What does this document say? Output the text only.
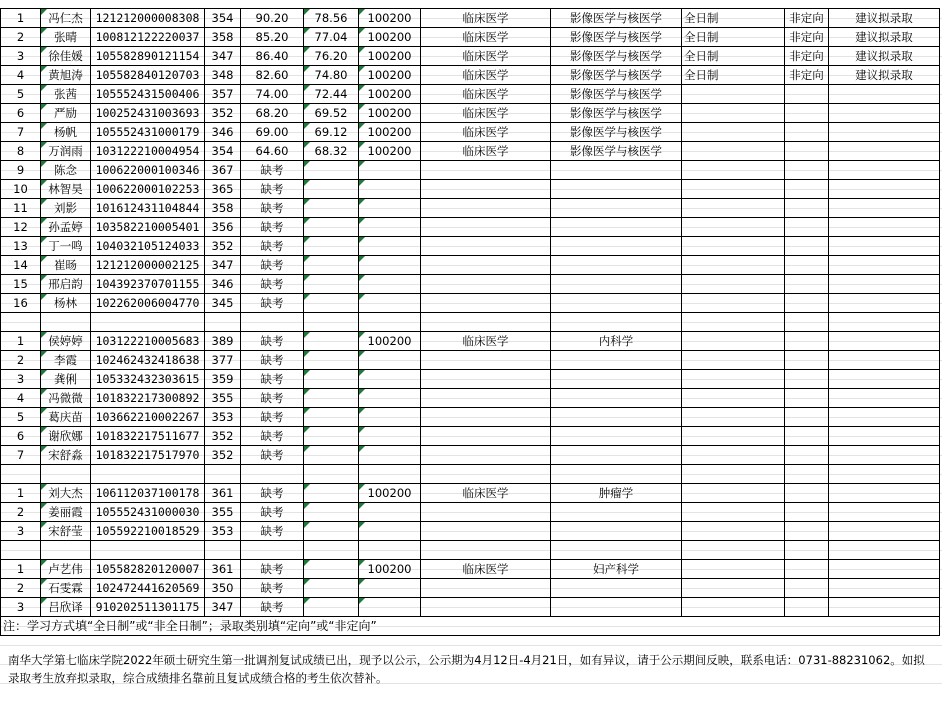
1	冯仁杰	121212000008308	354	90.20	78.56	100200	临床医学	影像医学与核医学	全日制	非定向	建议拟录取
2	张晴	100812122220037	358	85.20	77.04	100200	临床医学	影像医学与核医学	全日制	非定向	建议拟录取
3	徐佳媛	105582890121154	347	86.40	76.20	100200	临床医学	影像医学与核医学	全日制	非定向	建议拟录取
4	黄旭涛	105582840120703	348	82.60	74.80	100200	临床医学	影像医学与核医学	全日制	非定向	建议拟录取
5	张茜	105552431500406	357	74.00	72.44	100200	临床医学	影像医学与核医学			
6	严励	100252431003693	352	68.20	69.52	100200	临床医学	影像医学与核医学			
7	杨帆	105552431000179	346	69.00	69.12	100200	临床医学	影像医学与核医学			
8	万润雨	103122210004954	354	64.60	68.32	100200	临床医学	影像医学与核医学			
9	陈念	100622000100346	367	缺考							
10	林智昊	100622000102253	365	缺考							
11	刘影	101612431104844	358	缺考							
12	孙孟婷	103582210005401	356	缺考							
13	丁一鸣	104032105124033	352	缺考							
14	崔旸	121212000002125	347	缺考							
15	邢启韵	104392370701155	346	缺考							
16	杨林	102262006004770	345	缺考							

1	侯婷婷	103122210005683	389	缺考		100200	临床医学	内科学			
2	李霞	102462432418638	377	缺考							
3	龚俐	105332432303615	359	缺考							
4	冯微微	101832217300892	355	缺考							
5	葛庆苗	103662210002267	353	缺考							
6	谢欣娜	101832217511677	352	缺考							
7	宋舒淼	101832217517970	352	缺考							

1	刘大杰	106112037100178	361	缺考		100200	临床医学	肿瘤学			
2	姜丽霞	105552431000030	355	缺考							
3	宋舒莹	105592210018529	353	缺考							

1	卢艺伟	105582820120007	361	缺考		100200	临床医学	妇产科学			
2	石雯霖	102472441620569	350	缺考							
3	吕欣译	910202511301175	347	缺考							
注：学习方式填“全日制”或“非全日制”；录取类别填“定向”或“非定向”											
南华大学第七临床学院2022年硕士研究生第一批调剂复试成绩已出，现予以公示，公示期为4月12日-4月21日，如有异议，请于公示期间反映，联系电话：0731-88231062。如拟录取考生放弃拟录取，综合成绩排名靠前且复试成绩合格的考生依次替补。
